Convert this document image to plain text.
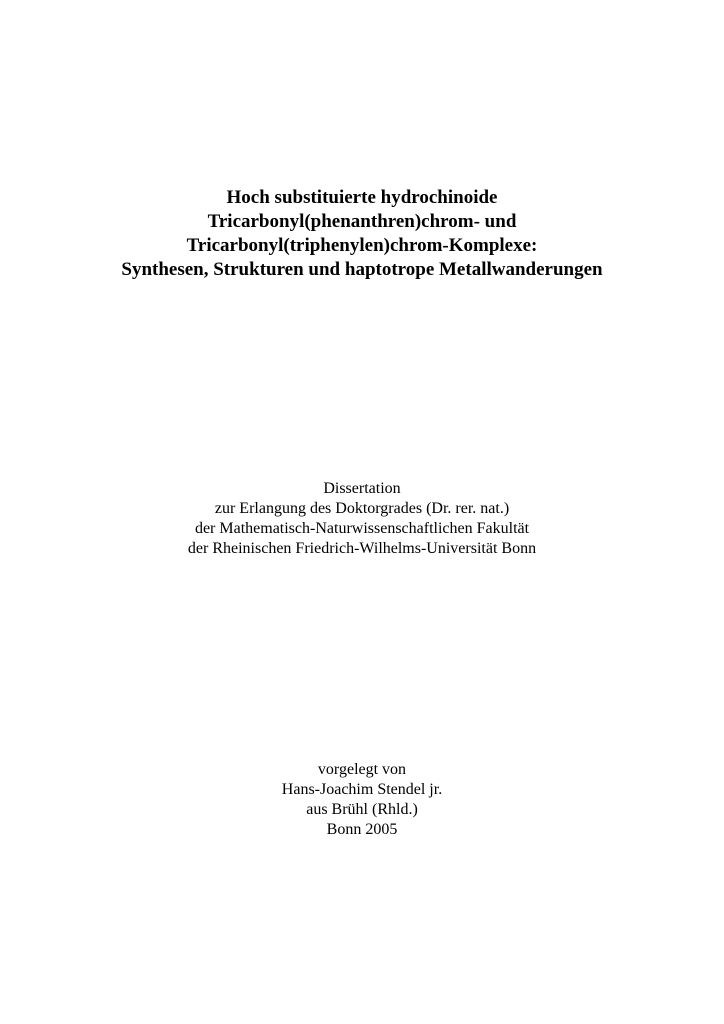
Hoch substituierte hydrochinoide
Tricarbonyl(phenanthren)chrom- und
Tricarbonyl(triphenylen)chrom-Komplexe:
Synthesen, Strukturen und haptotrope Metallwanderungen
Dissertation
zur Erlangung des Doktorgrades (Dr. rer. nat.)
der Mathematisch-Naturwissenschaftlichen Fakultät
der Rheinischen Friedrich-Wilhelms-Universität Bonn
vorgelegt von
Hans-Joachim Stendel jr.
aus Brühl (Rhld.)
Bonn 2005
